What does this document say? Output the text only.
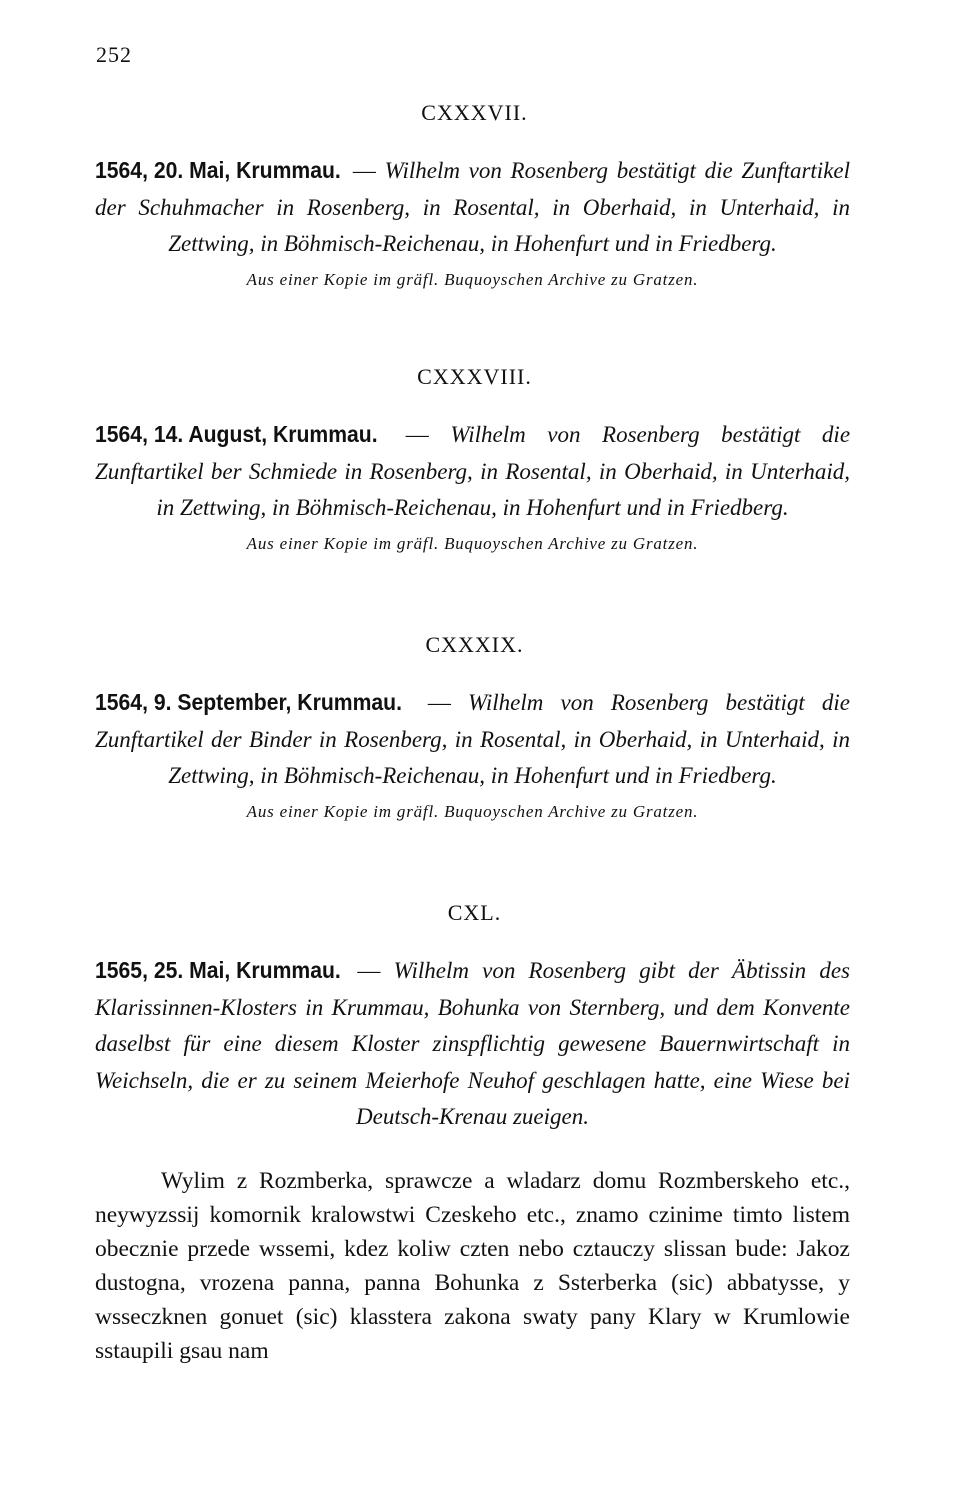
252
CXXXVII.
1564, 20. Mai, Krummau. — Wilhelm von Rosenberg bestätigt die Zunftartikel der Schuhmacher in Rosenberg, in Rosental, in Oberhaid, in Unterhaid, in Zettwing, in Böhmisch-Reichenau, in Hohenfurt und in Friedberg.
Aus einer Kopie im gräfl. Buquoyschen Archive zu Gratzen.
CXXXVIII.
1564, 14. August, Krummau. — Wilhelm von Rosenberg bestätigt die Zunftartikel ber Schmiede in Rosenberg, in Rosental, in Oberhaid, in Unterhaid, in Zettwing, in Böhmisch-Reichenau, in Hohenfurt und in Friedberg.
Aus einer Kopie im gräfl. Buquoyschen Archive zu Gratzen.
CXXXIX.
1564, 9. September, Krummau. — Wilhelm von Rosenberg bestätigt die Zunftartikel der Binder in Rosenberg, in Rosental, in Oberhaid, in Unterhaid, in Zettwing, in Böhmisch-Reichenau, in Hohenfurt und in Friedberg.
Aus einer Kopie im gräfl. Buquoyschen Archive zu Gratzen.
CXL.
1565, 25. Mai, Krummau. — Wilhelm von Rosenberg gibt der Äbtissin des Klarissinnen-Klosters in Krummau, Bohunka von Sternberg, und dem Konvente daselbst für eine diesem Kloster zinspflichtig gewesene Bauernwirtschaft in Weichseln, die er zu seinem Meierhofe Neuhof geschlagen hatte, eine Wiese bei Deutsch-Krenau zueigen.
Wylim z Rozmberka, sprawcze a wladarz domu Rozmberskeho etc., neywyzssij komornik kralowstwi Czeskeho etc., znamo czinime timto listem obecznie przede wssemi, kdez koliw czten nebo cztauczy slissan bude: Jakoz dustogna, vrozena panna, panna Bohunka z Ssterberka (sic) abbatysse, y wsseczknen gonuet (sic) klasstera zakona swaty pany Klary w Krumlowie sstaupili gsau nam
